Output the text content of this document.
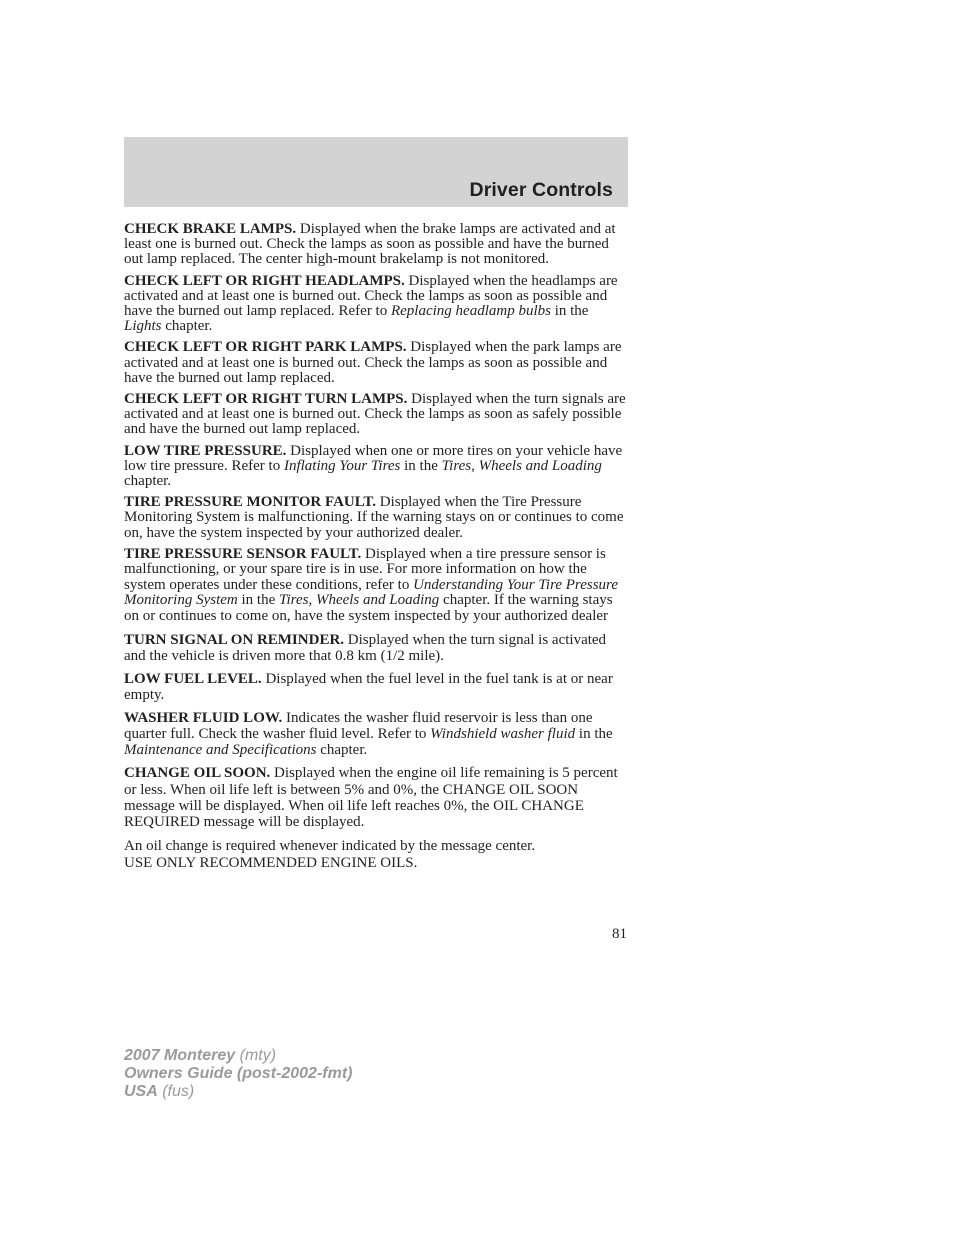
Driver Controls

CHECK BRAKE LAMPS. Displayed when the brake lamps are activated and at least one is burned out. Check the lamps as soon as possible and have the burned out lamp replaced. The center high-mount brakelamp is not monitored.

CHECK LEFT OR RIGHT HEADLAMPS. Displayed when the headlamps are activated and at least one is burned out. Check the lamps as soon as possible and have the burned out lamp replaced. Refer to Replacing headlamp bulbs in the Lights chapter.

CHECK LEFT OR RIGHT PARK LAMPS. Displayed when the park lamps are activated and at least one is burned out. Check the lamps as soon as possible and have the burned out lamp replaced.

CHECK LEFT OR RIGHT TURN LAMPS. Displayed when the turn signals are activated and at least one is burned out. Check the lamps as soon as safely possible and have the burned out lamp replaced.

LOW TIRE PRESSURE. Displayed when one or more tires on your vehicle have low tire pressure. Refer to Inflating Your Tires in the Tires, Wheels and Loading chapter.

TIRE PRESSURE MONITOR FAULT. Displayed when the Tire Pressure Monitoring System is malfunctioning. If the warning stays on or continues to come on, have the system inspected by your authorized dealer.

TIRE PRESSURE SENSOR FAULT. Displayed when a tire pressure sensor is malfunctioning, or your spare tire is in use. For more information on how the system operates under these conditions, refer to Understanding Your Tire Pressure Monitoring System in the Tires, Wheels and Loading chapter. If the warning stays on or continues to come on, have the system inspected by your authorized dealer

TURN SIGNAL ON REMINDER. Displayed when the turn signal is activated and the vehicle is driven more that 0.8 km (1/2 mile).

LOW FUEL LEVEL. Displayed when the fuel level in the fuel tank is at or near empty.

WASHER FLUID LOW. Indicates the washer fluid reservoir is less than one quarter full. Check the washer fluid level. Refer to Windshield washer fluid in the Maintenance and Specifications chapter.

CHANGE OIL SOON. Displayed when the engine oil life remaining is 5 percent or less. When oil life left is between 5% and 0%, the CHANGE OIL SOON message will be displayed. When oil life left reaches 0%, the OIL CHANGE REQUIRED message will be displayed.

An oil change is required whenever indicated by the message center.
USE ONLY RECOMMENDED ENGINE OILS.

81
2007 Monterey (mty)
Owners Guide (post-2002-fmt)
USA (fus)
